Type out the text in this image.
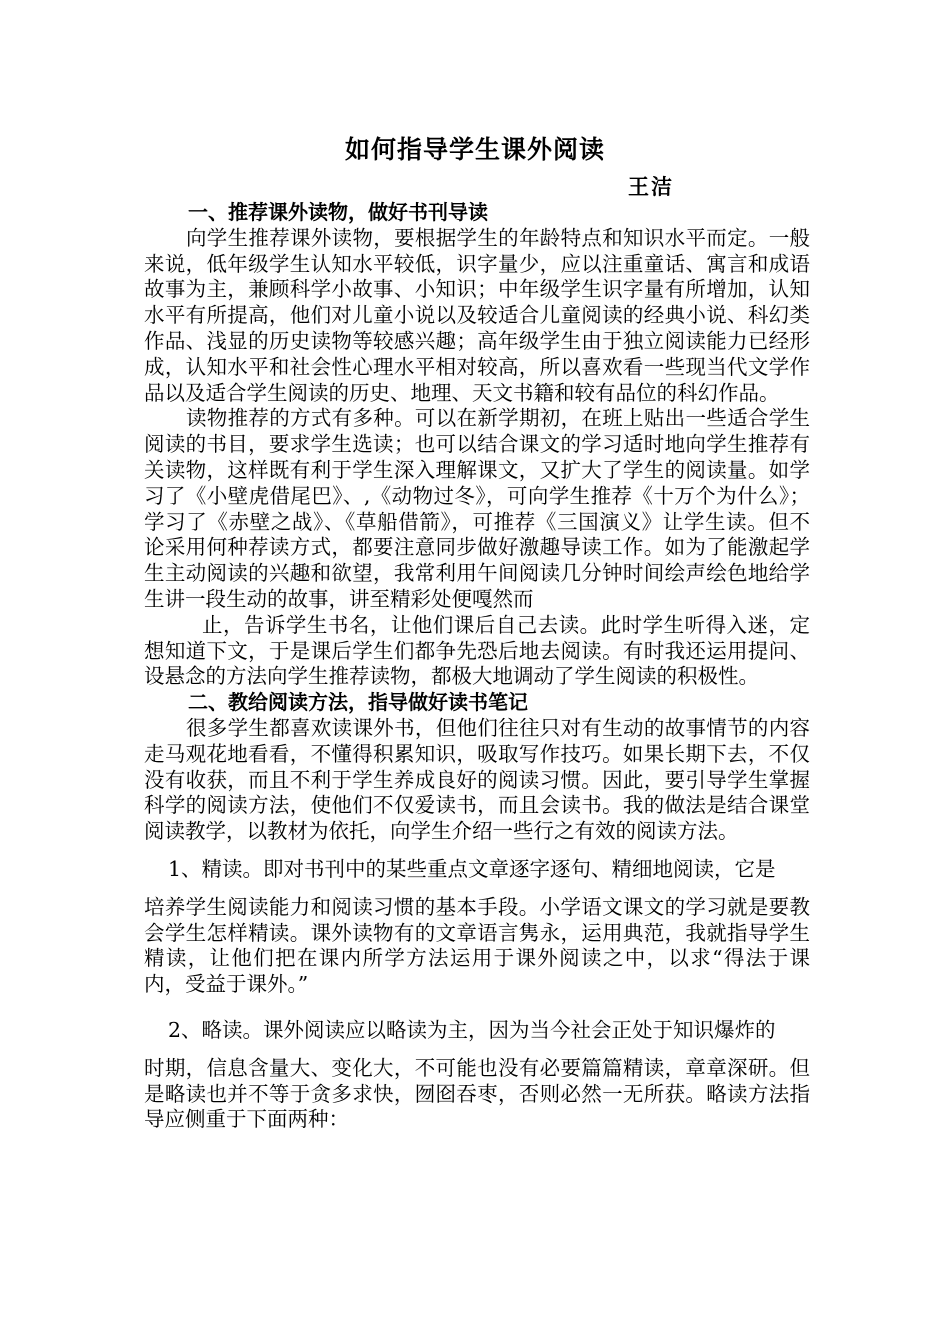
如何指导学生课外阅读
王洁

一、推荐课外读物，做好书刊导读

向学生推荐课外读物，要根据学生的年龄特点和知识水平而定。一般来说，低年级学生认知水平较低，识字量少，应以注重童话、寓言和成语故事为主，兼顾科学小故事、小知识；中年级学生识字量有所增加，认知水平有所提高，他们对儿童小说以及较适合儿童阅读的经典小说、科幻类作品、浅显的历史读物等较感兴趣；高年级学生由于独立阅读能力已经形成，认知水平和社会性心理水平相对较高，所以喜欢看一些现当代文学作品以及适合学生阅读的历史、地理、天文书籍和较有品位的科幻作品。

读物推荐的方式有多种。可以在新学期初，在班上贴出一些适合学生阅读的书目，要求学生选读；也可以结合课文的学习适时地向学生推荐有关读物，这样既有利于学生深入理解课文，又扩大了学生的阅读量。如学习了《小壁虎借尾巴》、,《动物过冬》，可向学生推荐《十万个为什么》；学习了《赤壁之战》、《草船借箭》，可推荐《三国演义》让学生读。但不论采用何种荐读方式，都要注意同步做好激趣导读工作。如为了能激起学生主动阅读的兴趣和欲望，我常利用午间阅读几分钟时间绘声绘色地给学生讲一段生动的故事，讲至精彩处便嘎然而

止，告诉学生书名，让他们课后自己去读。此时学生听得入迷，定想知道下文，于是课后学生们都争先恐后地去阅读。有时我还运用提问、设悬念的方法向学生推荐读物，都极大地调动了学生阅读的积极性。

二、教给阅读方法，指导做好读书笔记

很多学生都喜欢读课外书，但他们往往只对有生动的故事情节的内容走马观花地看看，不懂得积累知识，吸取写作技巧。如果长期下去，不仅没有收获，而且不利于学生养成良好的阅读习惯。因此，要引导学生掌握科学的阅读方法，使他们不仅爱读书，而且会读书。我的做法是结合课堂阅读教学，以教材为依托，向学生介绍一些行之有效的阅读方法。

1、精读。即对书刊中的某些重点文章逐字逐句、精细地阅读，它是

培养学生阅读能力和阅读习惯的基本手段。小学语文课文的学习就是要教会学生怎样精读。课外读物有的文章语言隽永，运用典范，我就指导学生精读，让他们把在课内所学方法运用于课外阅读之中，以求“得法于课内，受益于课外。”

2、略读。课外阅读应以略读为主，因为当今社会正处于知识爆炸的

时期，信息含量大、变化大，不可能也没有必要篇篇精读，章章深研。但是略读也并不等于贪多求快，囫囵吞枣，否则必然一无所获。略读方法指导应侧重于下面两种：
